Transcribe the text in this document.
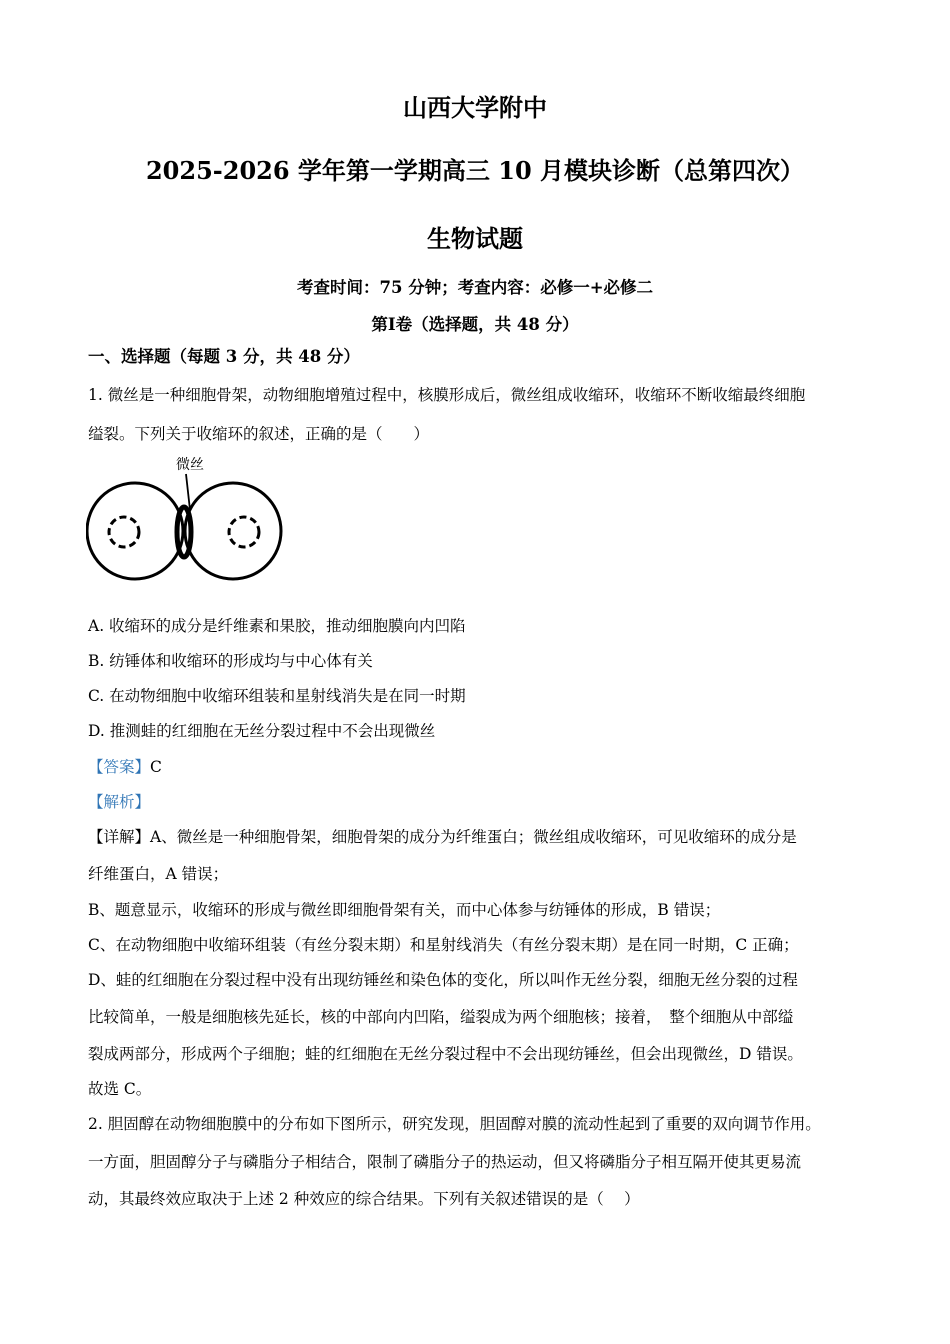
山西大学附中
2025-2026 学年第一学期高三 10 月模块诊断（总第四次）
生物试题
考查时间：75 分钟；考查内容：必修一+必修二
第Ⅰ卷（选择题，共 48 分）
一、选择题（每题 3 分，共 48 分）
1. 微丝是一种细胞骨架，动物细胞增殖过程中，核膜形成后，微丝组成收缩环，收缩环不断收缩最终细胞
缢裂。下列关于收缩环的叙述，正确的是（　　）
微丝
A. 收缩环的成分是纤维素和果胶，推动细胞膜向内凹陷
B. 纺锤体和收缩环的形成均与中心体有关
C. 在动物细胞中收缩环组装和星射线消失是在同一时期
D. 推测蛙的红细胞在无丝分裂过程中不会出现微丝
【答案】C
【解析】
【详解】A、微丝是一种细胞骨架，细胞骨架的成分为纤维蛋白；微丝组成收缩环，可见收缩环的成分是
纤维蛋白，A 错误；
B、题意显示，收缩环的形成与微丝即细胞骨架有关，而中心体参与纺锤体的形成，B 错误；
C、在动物细胞中收缩环组装（有丝分裂末期）和星射线消失（有丝分裂末期）是在同一时期，C 正确；
D、蛙的红细胞在分裂过程中没有出现纺锤丝和染色体的变化，所以叫作无丝分裂，细胞无丝分裂的过程
比较简单，一般是细胞核先延长，核的中部向内凹陷，缢裂成为两个细胞核；接着，　整个细胞从中部缢
裂成两部分，形成两个子细胞；蛙的红细胞在无丝分裂过程中不会出现纺锤丝，但会出现微丝，D 错误。
故选 C。
2. 胆固醇在动物细胞膜中的分布如下图所示，研究发现，胆固醇对膜的流动性起到了重要的双向调节作用。
一方面，胆固醇分子与磷脂分子相结合，限制了磷脂分子的热运动，但又将磷脂分子相互隔开使其更易流
动，其最终效应取决于上述 2 种效应的综合结果。下列有关叙述错误的是（　 ）
